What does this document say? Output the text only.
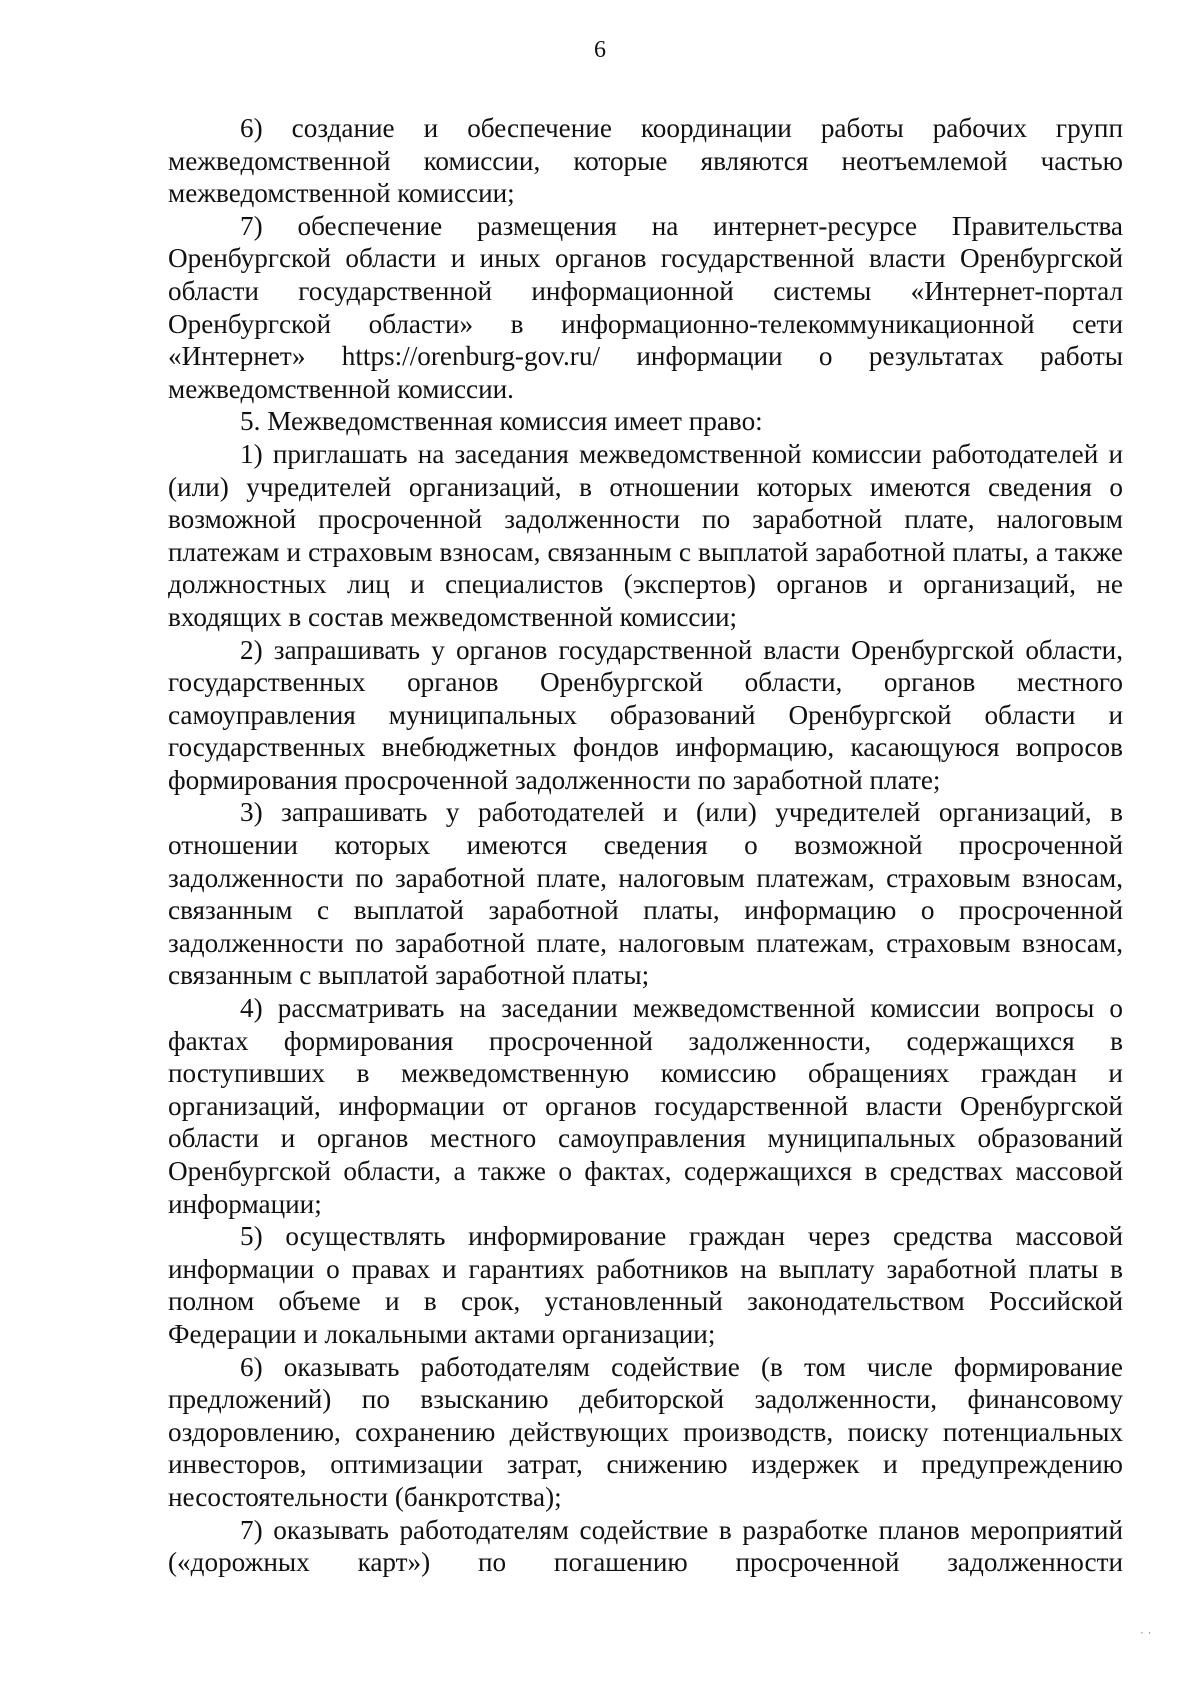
6

6) создание и обеспечение координации работы рабочих групп межведомственной комиссии, которые являются неотъемлемой частью межведомственной комиссии;

7) обеспечение размещения на интернет-ресурсе Правительства Оренбургской области и иных органов государственной власти Оренбургской области государственной информационной системы «Интернет-портал Оренбургской области» в информационно-телекоммуникационной сети «Интернет» https://orenburg-gov.ru/ информации о результатах работы межведомственной комиссии.

5. Межведомственная комиссия имеет право:

1) приглашать на заседания межведомственной комиссии работодателей и (или) учредителей организаций, в отношении которых имеются сведения о возможной просроченной задолженности по заработной плате, налоговым платежам и страховым взносам, связанным с выплатой заработной платы, а также должностных лиц и специалистов (экспертов) органов и организаций, не входящих в состав межведомственной комиссии;

2) запрашивать у органов государственной власти Оренбургской области, государственных органов Оренбургской области, органов местного самоуправления муниципальных образований Оренбургской области и государственных внебюджетных фондов информацию, касающуюся вопросов формирования просроченной задолженности по заработной плате;

3) запрашивать у работодателей и (или) учредителей организаций, в отношении которых имеются сведения о возможной просроченной задолженности по заработной плате, налоговым платежам, страховым взносам, связанным с выплатой заработной платы, информацию о просроченной задолженности по заработной плате, налоговым платежам, страховым взносам, связанным с выплатой заработной платы;

4) рассматривать на заседании межведомственной комиссии вопросы о фактах формирования просроченной задолженности, содержащихся в поступивших в межведомственную комиссию обращениях граждан и организаций, информации от органов государственной власти Оренбургской области и органов местного самоуправления муниципальных образований Оренбургской области, а также о фактах, содержащихся в средствах массовой информации;

5) осуществлять информирование граждан через средства массовой информации о правах и гарантиях работников на выплату заработной платы в полном объеме и в срок, установленный законодательством Российской Федерации и локальными актами организации;

6) оказывать работодателям содействие (в том числе формирование предложений) по взысканию дебиторской задолженности, финансовому оздоровлению, сохранению действующих производств, поиску потенциальных инвесторов, оптимизации затрат, снижению издержек и предупреждению несостоятельности (банкротства);

7) оказывать работодателям содействие в разработке планов мероприятий («дорожных карт») по погашению просроченной задолженности

· ·
